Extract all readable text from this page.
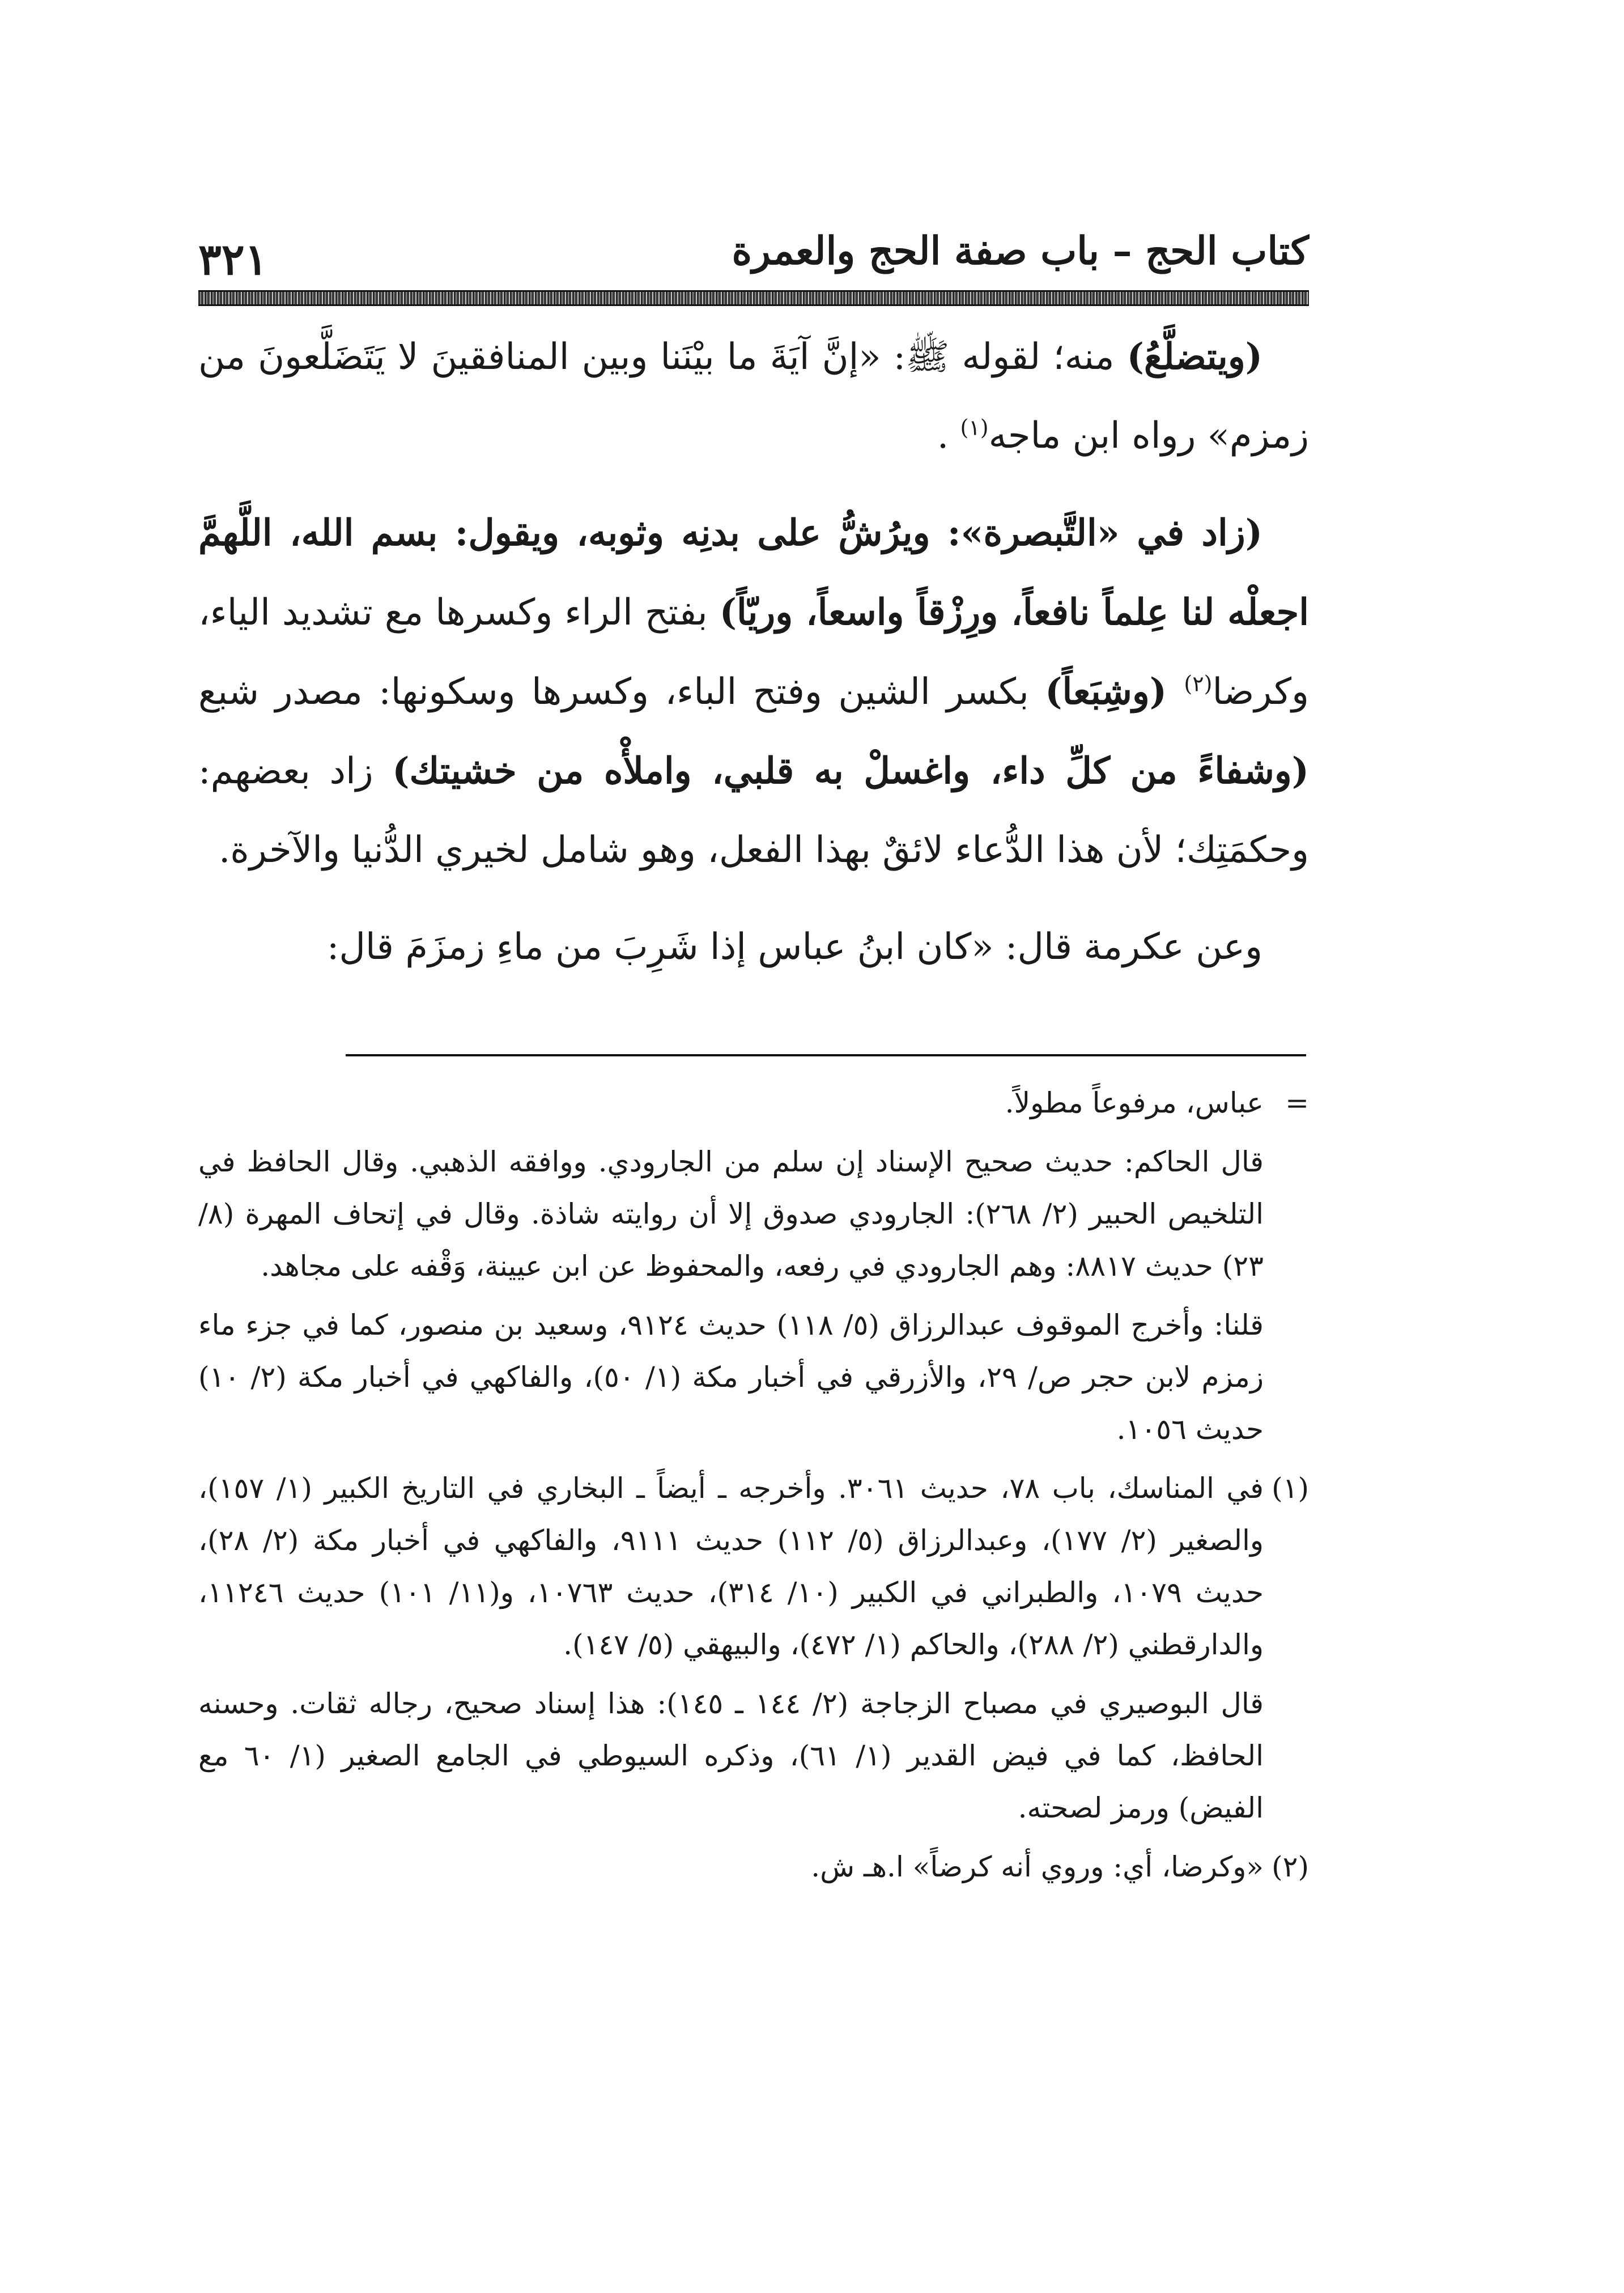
كتاب الحج – باب صفة الحج والعمرة
٣٢١

(ويتضلَّعُ) منه؛ لقوله ﷺ: «إنَّ آيَةَ ما بيْنَنا وبين المنافقينَ لا يَتَضَلَّعونَ من زمزم» رواه ابن ماجه$^{(١)}$ .

(زاد في «التَّبصرة»: ويرُشُّ على بدنِه وثوبه، ويقول: بسم الله، اللَّهمَّ اجعلْه لنا عِلماً نافعاً، ورِزْقاً واسعاً، وريّاً) بفتح الراء وكسرها مع تشديد الياء، وكرضا$^{(٢)}$ (وشِبَعاً) بكسر الشين وفتح الباء، وكسرها وسكونها: مصدر شبع (وشفاءً من كلِّ داء، واغسلْ به قلبي، واملأْه من خشيتك) زاد بعضهم: وحكمَتِك؛ لأن هذا الدُّعاء لائقٌ بهذا الفعل، وهو شامل لخيري الدُّنيا والآخرة.

وعن عكرمة قال: «كان ابنُ عباس إذا شَرِبَ من ماءِ زمزَمَ قال:

=

عباس، مرفوعاً مطولاً.

قال الحاكم: حديث صحيح الإسناد إن سلم من الجارودي. ووافقه الذهبي. وقال الحافظ في التلخيص الحبير (٢/ ٢٦٨): الجارودي صدوق إلا أن روايته شاذة. وقال في إتحاف المهرة (٨/ ٢٣) حديث ٨٨١٧: وهم الجارودي في رفعه، والمحفوظ عن ابن عيينة، وَقْفه على مجاهد.

قلنا: وأخرج الموقوف عبدالرزاق (٥/ ١١٨) حديث ٩١٢٤، وسعيد بن منصور، كما في جزء ماء زمزم لابن حجر ص/ ٢٩، والأزرقي في أخبار مكة (١/ ٥٠)، والفاكهي في أخبار مكة (٢/ ١٠) حديث ١٠٥٦.

(١)

في المناسك، باب ٧٨، حديث ٣٠٦١. وأخرجه ـ أيضاً ـ البخاري في التاريخ الكبير (١/ ١٥٧)، والصغير (٢/ ١٧٧)، وعبدالرزاق (٥/ ١١٢) حديث ٩١١١، والفاكهي في أخبار مكة (٢/ ٢٨)، حديث ١٠٧٩، والطبراني في الكبير (١٠/ ٣١٤)، حديث ١٠٧٦٣، و(١١/ ١٠١) حديث ١١٢٤٦، والدارقطني (٢/ ٢٨٨)، والحاكم (١/ ٤٧٢)، والبيهقي (٥/ ١٤٧).

قال البوصيري في مصباح الزجاجة (٢/ ١٤٤ ـ ١٤٥): هذا إسناد صحيح، رجاله ثقات. وحسنه الحافظ، كما في فيض القدير (١/ ٦١)، وذكره السيوطي في الجامع الصغير (١/ ٦٠ مع الفيض) ورمز لصحته.

(٢)

«وكرضا، أي: وروي أنه كرضاً» ا.هـ ش.
